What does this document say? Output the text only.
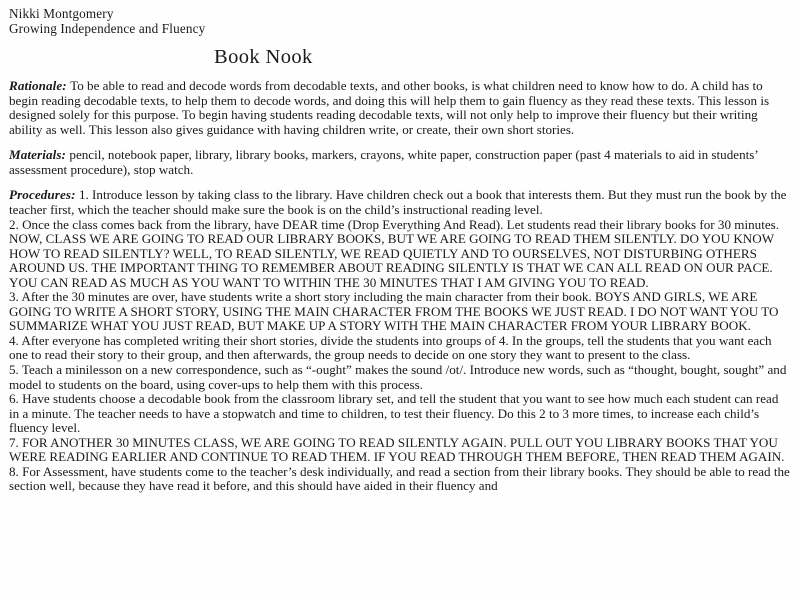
Nikki Montgomery
Growing Independence and Fluency
Book Nook
Rationale: To be able to read and decode words from decodable texts, and other books, is what children need to know how to do. A child has to begin reading decodable texts, to help them to decode words, and doing this will help them to gain fluency as they read these texts. This lesson is designed solely for this purpose. To begin having students reading decodable texts, will not only help to improve their fluency but their writing ability as well. This lesson also gives guidance with having children write, or create, their own short stories.
Materials: pencil, notebook paper, library, library books, markers, crayons, white paper, construction paper (past 4 materials to aid in students’ assessment procedure), stop watch.
Procedures: 1. Introduce lesson by taking class to the library. Have children check out a book that interests them. But they must run the book by the teacher first, which the teacher should make sure the book is on the child’s instructional reading level.
2. Once the class comes back from the library, have DEAR time (Drop Everything And Read). Let students read their library books for 30 minutes. NOW, CLASS WE ARE GOING TO READ OUR LIBRARY BOOKS, BUT WE ARE GOING TO READ THEM SILENTLY. DO YOU KNOW HOW TO READ SILENTLY? WELL, TO READ SILENTLY, WE READ QUIETLY AND TO OURSELVES, NOT DISTURBING OTHERS AROUND US. THE IMPORTANT THING TO REMEMBER ABOUT READING SILENTLY IS THAT WE CAN ALL READ ON OUR PACE. YOU CAN READ AS MUCH AS YOU WANT TO WITHIN THE 30 MINUTES THAT I AM GIVING YOU TO READ.
3. After the 30 minutes are over, have students write a short story including the main character from their book. BOYS AND GIRLS, WE ARE GOING TO WRITE A SHORT STORY, USING THE MAIN CHARACTER FROM THE BOOKS WE JUST READ. I DO NOT WANT YOU TO SUMMARIZE WHAT YOU JUST READ, BUT MAKE UP A STORY WITH THE MAIN CHARACTER FROM YOUR LIBRARY BOOK.
4. After everyone has completed writing their short stories, divide the students into groups of 4. In the groups, tell the students that you want each one to read their story to their group, and then afterwards, the group needs to decide on one story they want to present to the class.
5. Teach a minilesson on a new correspondence, such as “-ought” makes the sound /ot/. Introduce new words, such as “thought, bought, sought” and model to students on the board, using cover-ups to help them with this process.
6. Have students choose a decodable book from the classroom library set, and tell the student that you want to see how much each student can read in a minute. The teacher needs to have a stopwatch and time to children, to test their fluency. Do this 2 to 3 more times, to increase each child’s fluency level.
7. FOR ANOTHER 30 MINUTES CLASS, WE ARE GOING TO READ SILENTLY AGAIN. PULL OUT YOU LIBRARY BOOKS THAT YOU WERE READING EARLIER AND CONTINUE TO READ THEM. IF YOU READ THROUGH THEM BEFORE, THEN READ THEM AGAIN.
8. For Assessment, have students come to the teacher’s desk individually, and read a section from their library books. They should be able to read the section well, because they have read it before, and this should have aided in their fluency and
